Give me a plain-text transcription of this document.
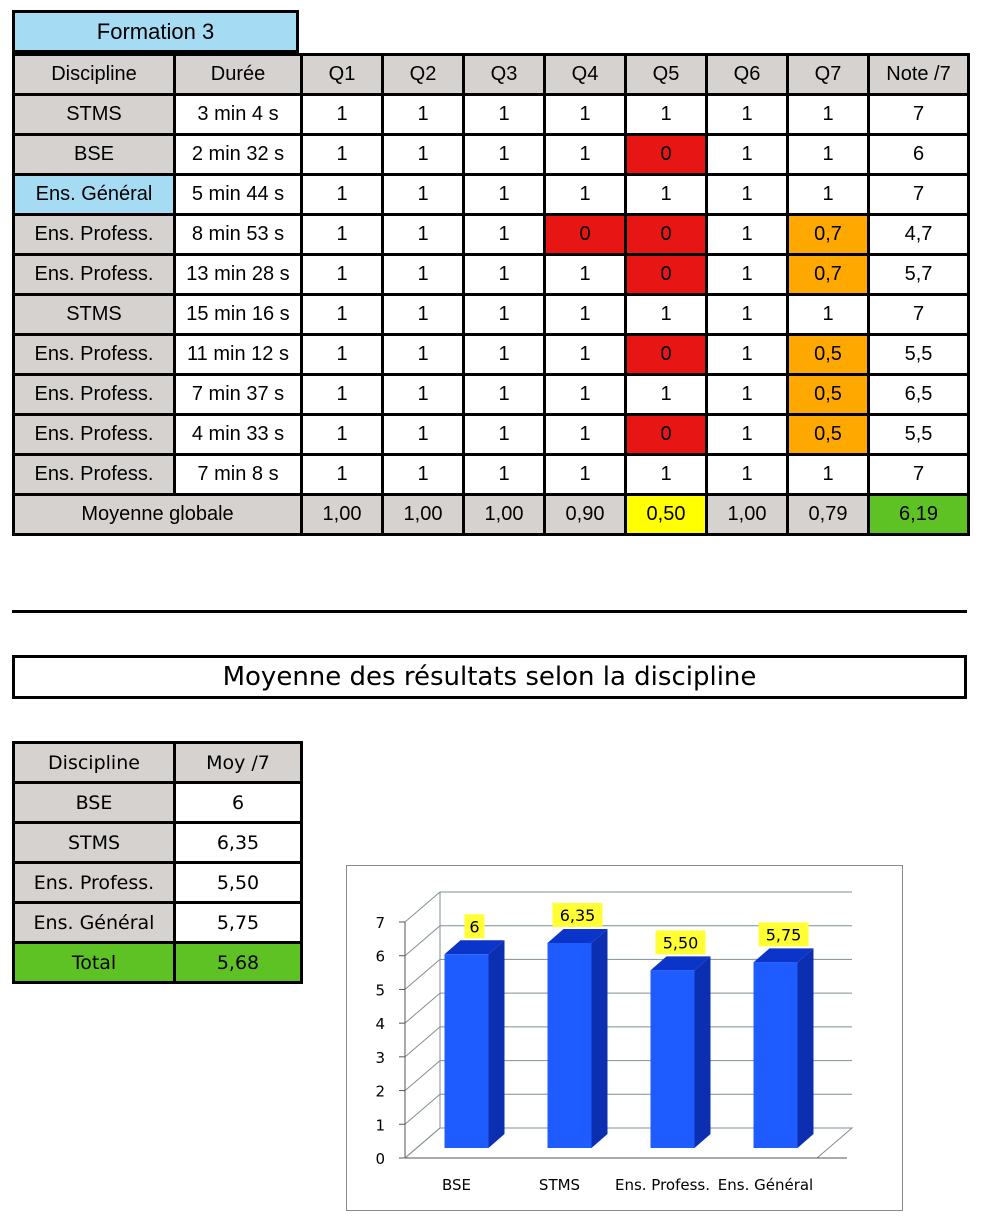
Formation 3
Discipline	Durée	Q1	Q2	Q3	Q4	Q5	Q6	Q7	Note /7
STMS	3 min 4 s	1	1	1	1	1	1	1	7
BSE	2 min 32 s	1	1	1	1	0	1	1	6
Ens. Général	5 min 44 s	1	1	1	1	1	1	1	7
Ens. Profess.	8 min 53 s	1	1	1	0	0	1	0,7	4,7
Ens. Profess.	13 min 28 s	1	1	1	1	0	1	0,7	5,7
STMS	15 min 16 s	1	1	1	1	1	1	1	7
Ens. Profess.	11 min 12 s	1	1	1	1	0	1	0,5	5,5
Ens. Profess.	7 min 37 s	1	1	1	1	1	1	0,5	6,5
Ens. Profess.	4 min 33 s	1	1	1	1	0	1	0,5	5,5
Ens. Profess.	7 min 8 s	1	1	1	1	1	1	1	7
Moyenne globale		1,00	1,00	1,00	0,90	0,50	1,00	0,79	6,19
Moyenne des résultats selon la discipline
Discipline	Moy /7
BSE	6
STMS	6,35
Ens. Profess.	5,50
Ens. Général	5,75
Total	5,68
0
1
2
3
4
5
6
7	6
BSE
6,35
STMS
5,50
Ens. Profess.
5,75
Ens. Général
